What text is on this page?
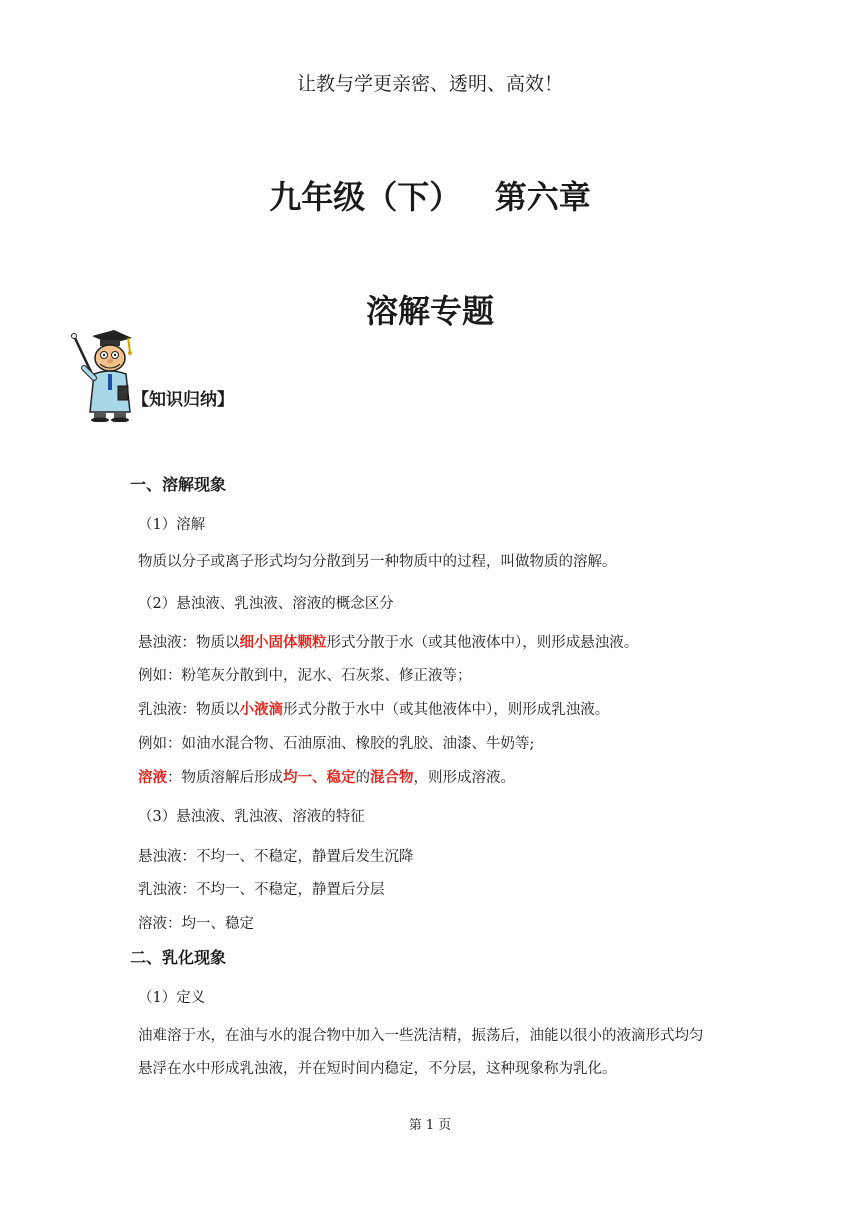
让教与学更亲密、透明、高效！
九年级（下）   第六章
溶解专题
【知识归纳】
一、溶解现象
（1）溶解
物质以分子或离子形式均匀分散到另一种物质中的过程，叫做物质的溶解。
（2）悬浊液、乳浊液、溶液的概念区分
悬浊液：物质以细小固体颗粒形式分散于水（或其他液体中），则形成悬浊液。
例如：粉笔灰分散到中，泥水、石灰浆、修正液等；
乳浊液：物质以小液滴形式分散于水中（或其他液体中），则形成乳浊液。
例如：如油水混合物、石油原油、橡胶的乳胶、油漆、牛奶等;
溶液：物质溶解后形成均一、稳定的混合物，则形成溶液。
（3）悬浊液、乳浊液、溶液的特征
悬浊液：不均一、不稳定，静置后发生沉降
乳浊液：不均一、不稳定，静置后分层
溶液：均一、稳定
二、乳化现象
（1）定义
油难溶于水，在油与水的混合物中加入一些洗洁精，振荡后，油能以很小的液滴形式均匀
悬浮在水中形成乳浊液，并在短时间内稳定，不分层，这种现象称为乳化。
第 1 页
